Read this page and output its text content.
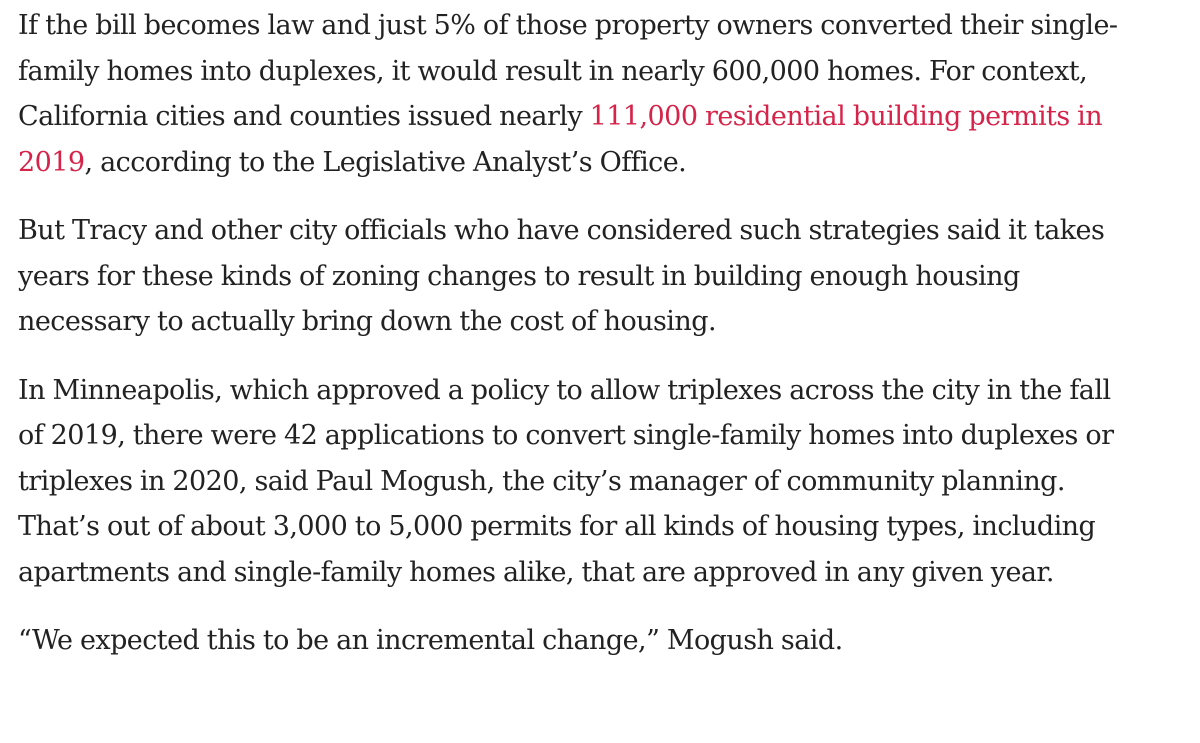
If the bill becomes law and just 5% of those property owners converted their single-
family homes into duplexes, it would result in nearly 600,000 homes. For context,
California cities and counties issued nearly 111,000 residential building permits in
2019, according to the Legislative Analyst’s Office.

But Tracy and other city officials who have considered such strategies said it takes
years for these kinds of zoning changes to result in building enough housing
necessary to actually bring down the cost of housing.

In Minneapolis, which approved a policy to allow triplexes across the city in the fall
of 2019, there were 42 applications to convert single-family homes into duplexes or
triplexes in 2020, said Paul Mogush, the city’s manager of community planning.
That’s out of about 3,000 to 5,000 permits for all kinds of housing types, including
apartments and single-family homes alike, that are approved in any given year.

“We expected this to be an incremental change,” Mogush said.
